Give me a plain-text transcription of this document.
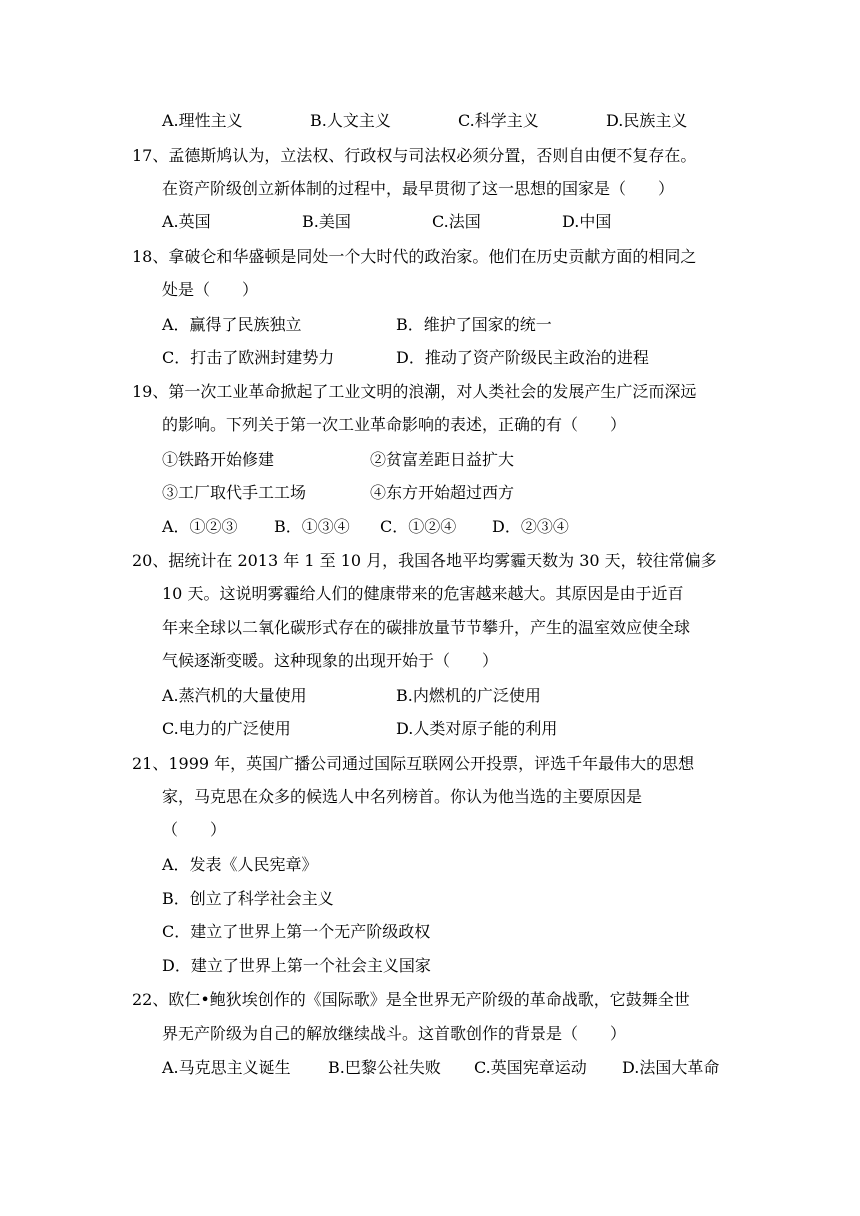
A.理性主义	B.人文主义	C.科学主义	D.民族主义
17、孟德斯鸠认为，立法权、行政权与司法权必须分置，否则自由便不复存在。
在资产阶级创立新体制的过程中，最早贯彻了这一思想的国家是（　　）
A.英国	B.美国	C.法国	D.中国
18、拿破仑和华盛顿是同处一个大时代的政治家。他们在历史贡献方面的相同之
处是（　　）
A．赢得了民族独立	B．维护了国家的统一
C．打击了欧洲封建势力	D．推动了资产阶级民主政治的进程
19、第一次工业革命掀起了工业文明的浪潮，对人类社会的发展产生广泛而深远
的影响。下列关于第一次工业革命影响的表述，正确的有（　　）
①铁路开始修建	②贫富差距日益扩大
③工厂取代手工工场	④东方开始超过西方
A．①②③ B．①③④ C．①②④ D．②③④
20、据统计在 2013 年 1 至 10 月，我国各地平均雾霾天数为 30 天，较往常偏多
10 天。这说明雾霾给人们的健康带来的危害越来越大。其原因是由于近百
年来全球以二氧化碳形式存在的碳排放量节节攀升，产生的温室效应使全球
气候逐渐变暖。这种现象的出现开始于（　　）
A.蒸汽机的大量使用	B.内燃机的广泛使用
C.电力的广泛使用	D.人类对原子能的利用
21、1999 年，英国广播公司通过国际互联网公开投票，评选千年最伟大的思想
家，马克思在众多的候选人中名列榜首。你认为他当选的主要原因是
（　　）
A．发表《人民宪章》
B．创立了科学社会主义
C．建立了世界上第一个无产阶级政权
D．建立了世界上第一个社会主义国家
22、欧仁•鲍狄埃创作的《国际歌》是全世界无产阶级的革命战歌，它鼓舞全世
界无产阶级为自己的解放继续战斗。这首歌创作的背景是（　　）
A.马克思主义诞生 B.巴黎公社失败 C.英国宪章运动 D.法国大革命
